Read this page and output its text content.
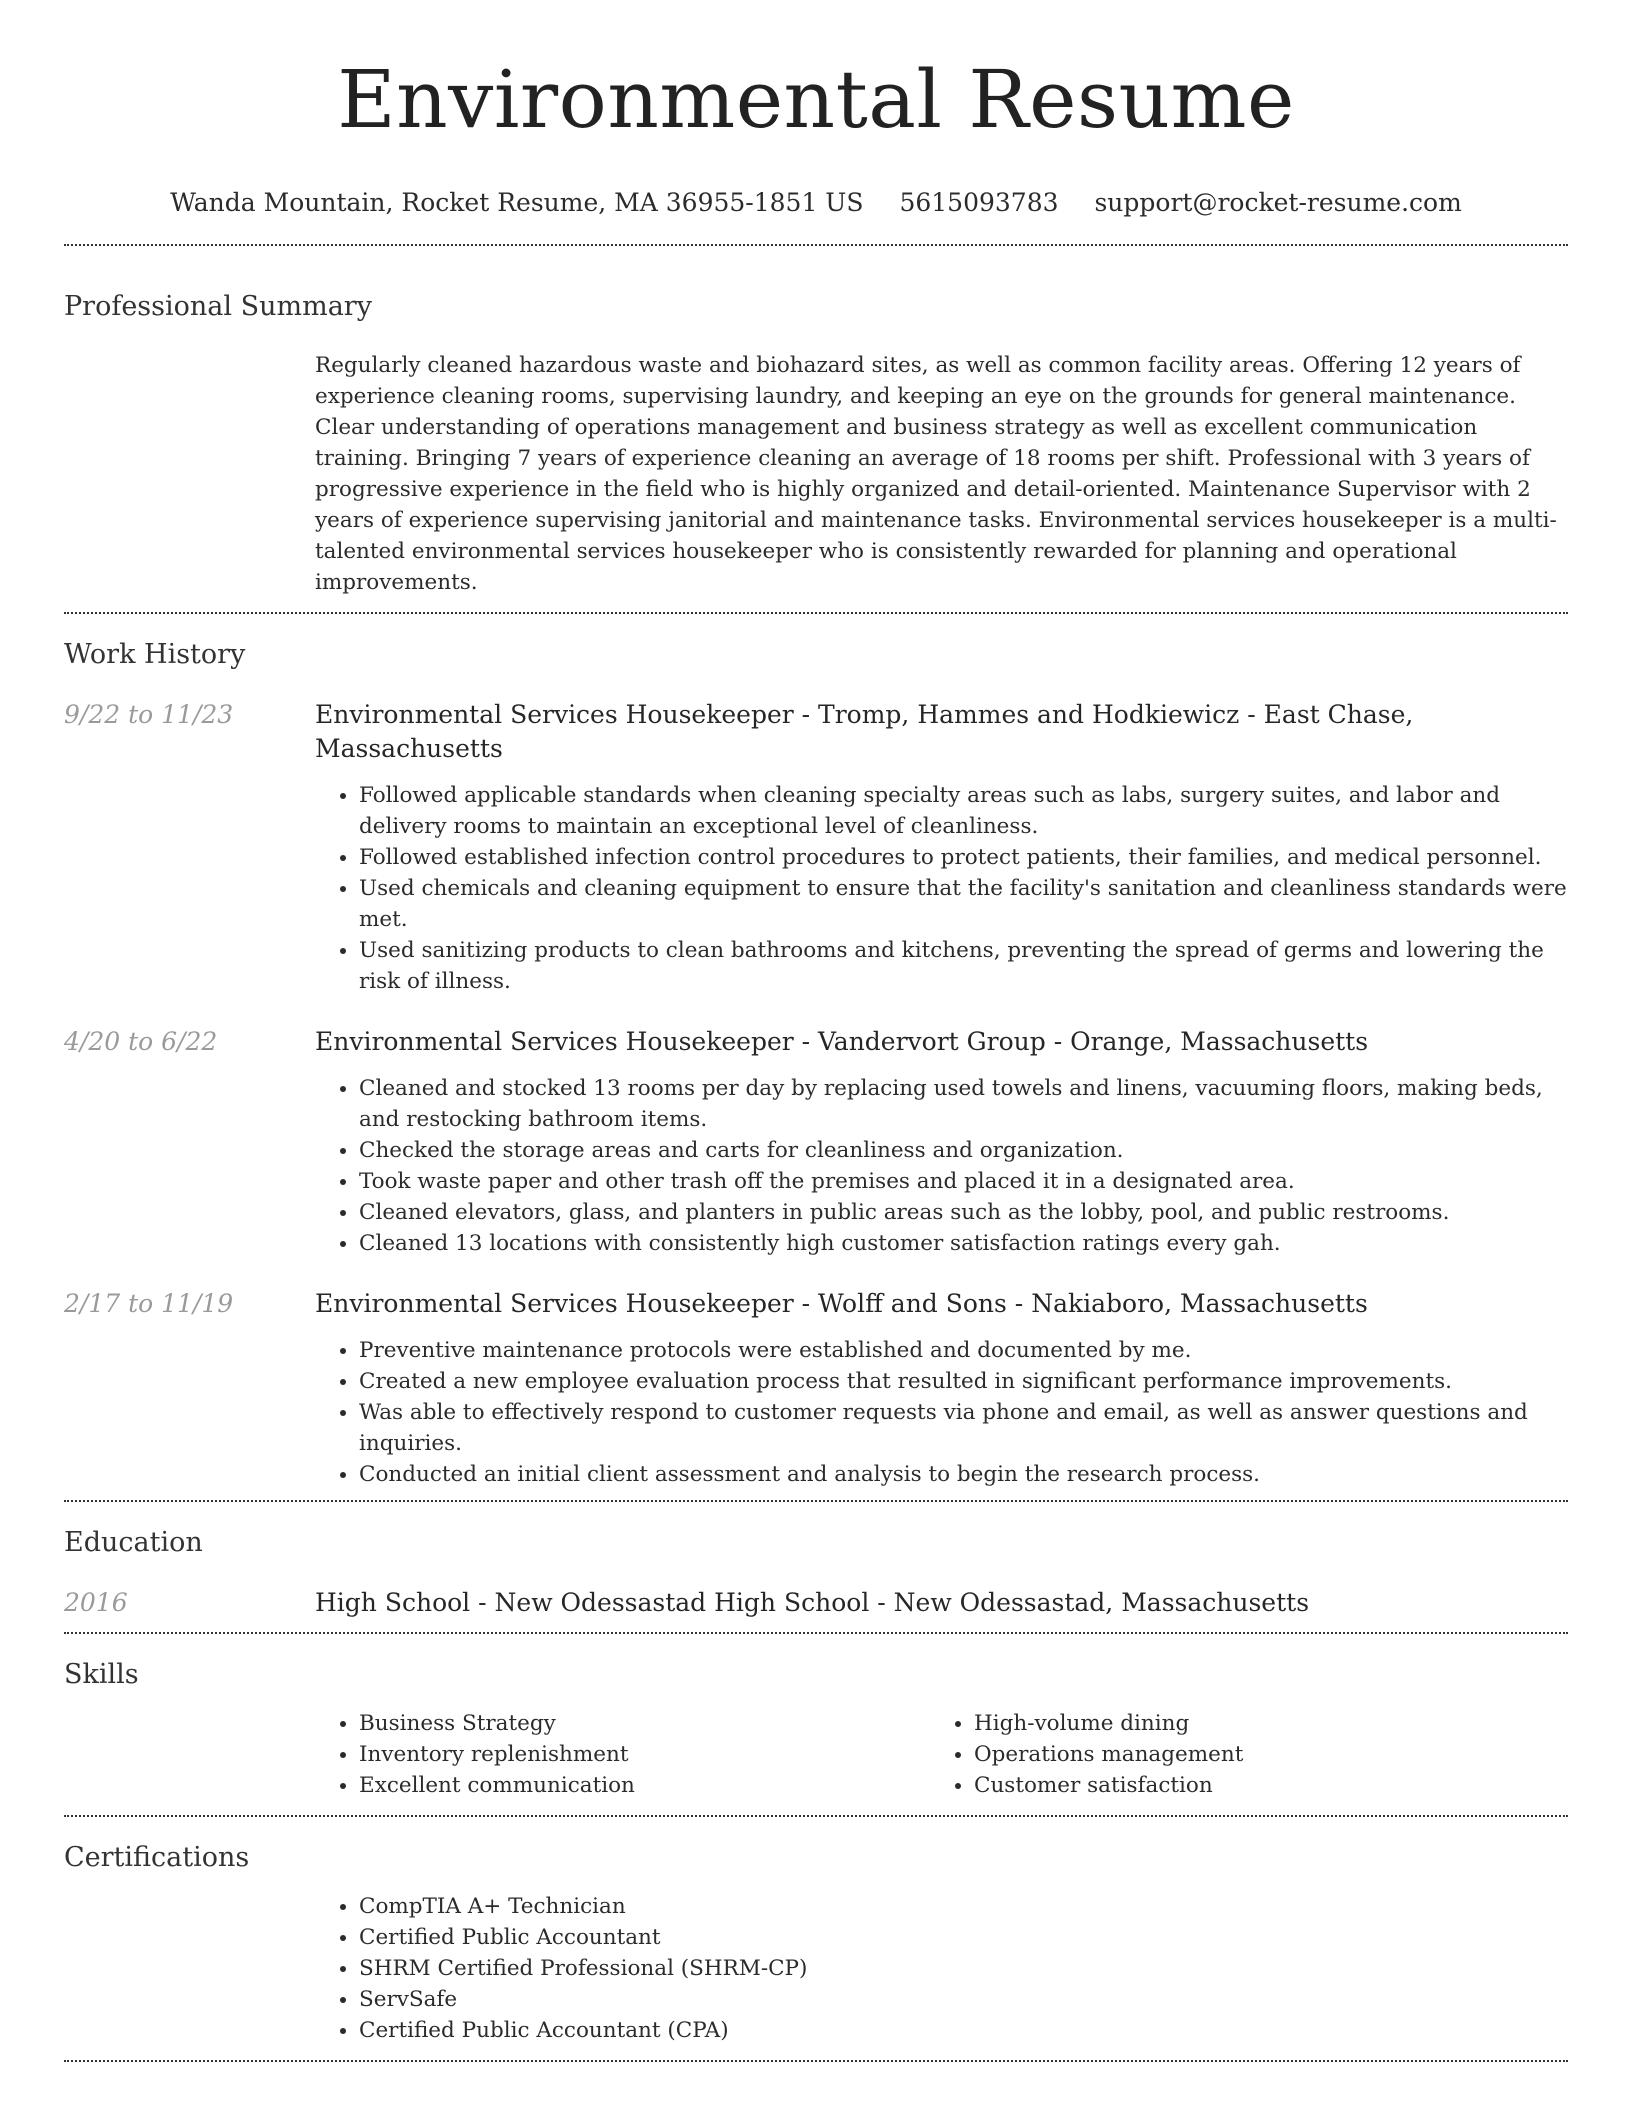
Environmental Resume
Wanda Mountain, Rocket Resume, MA 36955-1851 US 5615093783 support@rocket-resume.com
Professional Summary
Regularly cleaned hazardous waste and biohazard sites, as well as common facility areas. Offering 12 years of experience cleaning rooms, supervising laundry, and keeping an eye on the grounds for general maintenance. Clear understanding of operations management and business strategy as well as excellent communication training. Bringing 7 years of experience cleaning an average of 18 rooms per shift. Professional with 3 years of progressive experience in the field who is highly organized and detail-oriented. Maintenance Supervisor with 2 years of experience supervising janitorial and maintenance tasks. Environmental services housekeeper is a multi-talented environmental services housekeeper who is consistently rewarded for planning and operational improvements.
Work History
9/22 to 11/23	Environmental Services Housekeeper - Tromp, Hammes and Hodkiewicz - East Chase, Massachusetts
• Followed applicable standards when cleaning specialty areas such as labs, surgery suites, and labor and delivery rooms to maintain an exceptional level of cleanliness.
• Followed established infection control procedures to protect patients, their families, and medical personnel.
• Used chemicals and cleaning equipment to ensure that the facility's sanitation and cleanliness standards were met.
• Used sanitizing products to clean bathrooms and kitchens, preventing the spread of germs and lowering the risk of illness.
4/20 to 6/22	Environmental Services Housekeeper - Vandervort Group - Orange, Massachusetts
• Cleaned and stocked 13 rooms per day by replacing used towels and linens, vacuuming floors, making beds, and restocking bathroom items.
• Checked the storage areas and carts for cleanliness and organization.
• Took waste paper and other trash off the premises and placed it in a designated area.
• Cleaned elevators, glass, and planters in public areas such as the lobby, pool, and public restrooms.
• Cleaned 13 locations with consistently high customer satisfaction ratings every gah.
2/17 to 11/19	Environmental Services Housekeeper - Wolff and Sons - Nakiaboro, Massachusetts
• Preventive maintenance protocols were established and documented by me.
• Created a new employee evaluation process that resulted in significant performance improvements.
• Was able to effectively respond to customer requests via phone and email, as well as answer questions and inquiries.
• Conducted an initial client assessment and analysis to begin the research process.
Education
2016	High School - New Odessastad High School - New Odessastad, Massachusetts
Skills
• Business Strategy
• Inventory replenishment
• Excellent communication
• High-volume dining
• Operations management
• Customer satisfaction
Certifications
• CompTIA A+ Technician
• Certified Public Accountant
• SHRM Certified Professional (SHRM-CP)
• ServSafe
• Certified Public Accountant (CPA)
